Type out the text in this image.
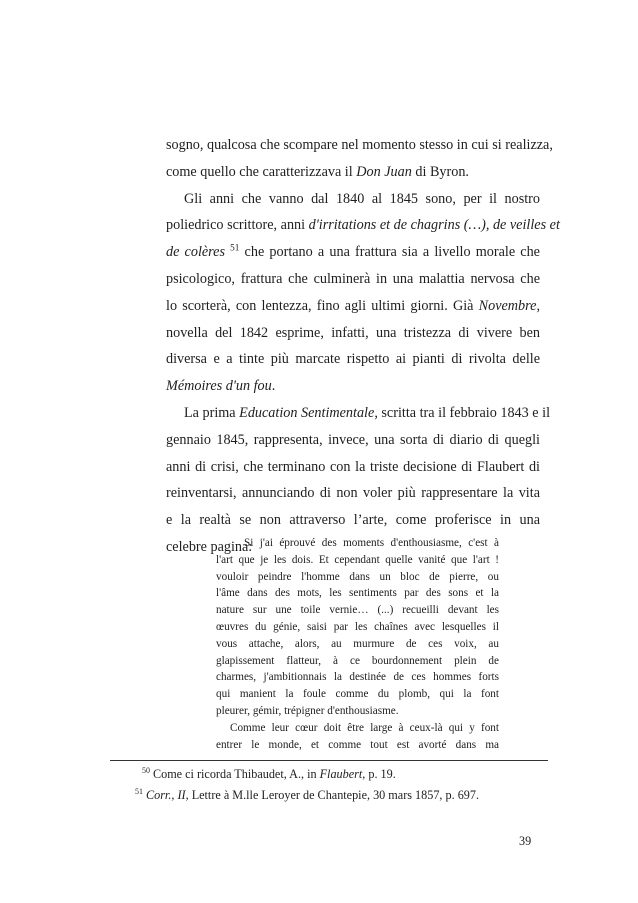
sogno, qualcosa che scompare nel momento stesso in cui si realizza,

come quello che caratterizzava il Don Juan di Byron.

Gli anni che vanno dal 1840 al 1845 sono, per il nostro

poliedrico scrittore, anni d'irritations et de chagrins (…), de veilles et

de colères $^{51}$ che portano a una frattura sia a livello morale che

psicologico, frattura che culminerà in una malattia nervosa che

lo scorterà, con lentezza, fino agli ultimi giorni. Già Novembre,

novella del 1842 esprime, infatti, una tristezza di vivere ben

diversa e a tinte più marcate rispetto ai pianti di rivolta delle

Mémoires d'un fou.

La prima Education Sentimentale, scritta tra il febbraio 1843 e il

gennaio 1845, rappresenta, invece, una sorta di diario di quegli

anni di crisi, che terminano con la triste decisione di Flaubert di

reinventarsi, annunciando di non voler più rappresentare la vita

e la realtà se non attraverso l’arte, come proferisce in una

celebre pagina:

Si j'ai éprouvé des moments d'enthousiasme, c'est à
l'art que je les dois. Et cependant quelle vanité que l'art !
vouloir peindre l'homme dans un bloc de pierre, ou
l'âme dans des mots, les sentiments par des sons et la
nature sur une toile vernie… (...) recueilli devant les
œuvres du génie, saisi par les chaînes avec lesquelles il
vous attache, alors, au murmure de ces voix, au
glapissement flatteur, à ce bourdonnement plein de
charmes, j'ambitionnais la destinée de ces hommes forts
qui manient la foule comme du plomb, qui la font
pleurer, gémir, trépigner d'enthousiasme.
Comme leur cœur doit être large à ceux-là qui y font
entrer le monde, et comme tout est avorté dans ma
$^{50}$ Come ci ricorda Thibaudet, A., in Flaubert, p. 19.
$^{51}$ Corr., II, Lettre à M.lle Leroyer de Chantepie, 30 mars 1857, p. 697.
39
